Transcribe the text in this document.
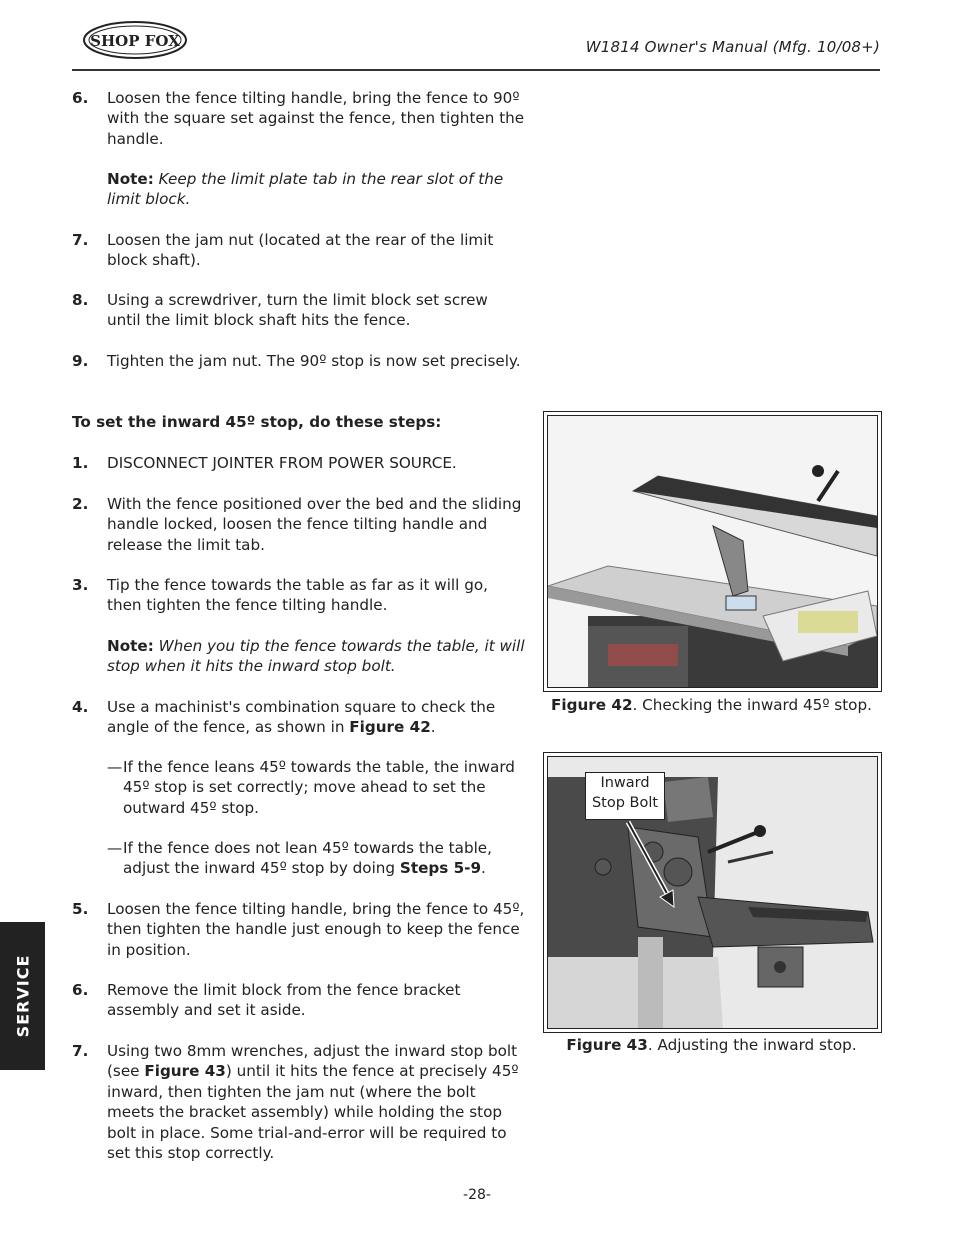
SHOP FOX	W1814 Owner's Manual (Mfg. 10/08+)
6. Loosen the fence tilting handle, bring the fence to 90º with the square set against the fence, then tighten the handle.
Note: Keep the limit plate tab in the rear slot of the limit block.
7. Loosen the jam nut (located at the rear of the limit block shaft).
8. Using a screwdriver, turn the limit block set screw until the limit block shaft hits the fence.
9. Tighten the jam nut. The 90º stop is now set precisely.
To set the inward 45º stop, do these steps:
1. DISCONNECT JOINTER FROM POWER SOURCE.
2. With the fence positioned over the bed and the sliding handle locked, loosen the fence tilting handle and release the limit tab.
3. Tip the fence towards the table as far as it will go, then tighten the fence tilting handle.
Note: When you tip the fence towards the table, it will stop when it hits the inward stop bolt.
4. Use a machinist's combination square to check the angle of the fence, as shown in Figure 42.
— If the fence leans 45º towards the table, the inward 45º stop is set correctly; move ahead to set the outward 45º stop.
— If the fence does not lean 45º towards the table, adjust the inward 45º stop by doing Steps 5-9.
5. Loosen the fence tilting handle, bring the fence to 45º, then tighten the handle just enough to keep the fence in position.
6. Remove the limit block from the fence bracket assembly and set it aside.
7. Using two 8mm wrenches, adjust the inward stop bolt (see Figure 43) until it hits the fence at precisely 45º inward, then tighten the jam nut (where the bolt meets the bracket assembly) while holding the stop bolt in place. Some trial-and-error will be required to set this stop correctly.
Figure 42. Checking the inward 45º stop.
Inward
Stop Bolt
Figure 43. Adjusting the inward stop.
SERVICE
-28-
